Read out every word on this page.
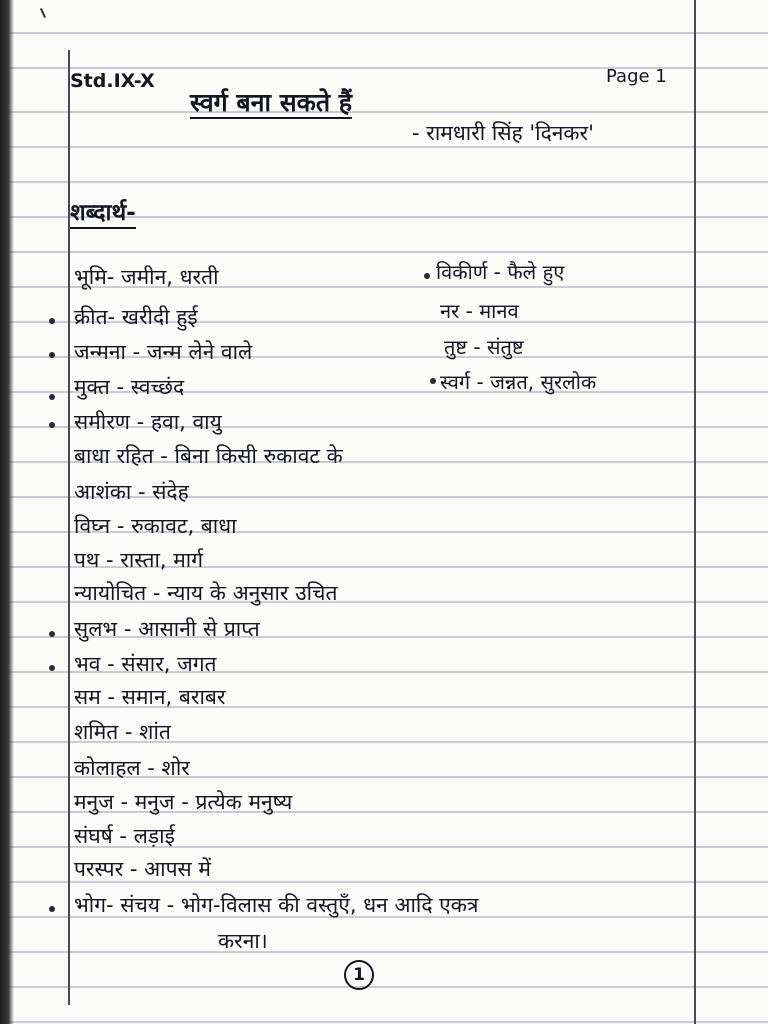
Std.IX-X	Page 1
स्वर्ग बना सकते हैं
- रामधारी सिंह 'दिनकर'
शब्दार्थ-
भूमि- जमीन, धरती
क्रीत- खरीदी हुई
जन्मना - जन्म लेने वाले
मुक्त - स्वच्छंद
समीरण - हवा, वायु
बाधा रहित - बिना किसी रुकावट के
आशंका - संदेह
विघ्न - रुकावट, बाधा
पथ - रास्ता, मार्ग
न्यायोचित - न्याय के अनुसार उचित
सुलभ - आसानी से प्राप्त
भव - संसार, जगत
सम - समान, बराबर
शमित - शांत
कोलाहल - शोर
मनुज - मनुज - प्रत्येक मनुष्य
संघर्ष - लड़ाई
परस्पर - आपस में
भोग- संचय - भोग-विलास की वस्तुएँ, धन आदि एकत्र
करना।
विकीर्ण - फैले हुए
नर - मानव
तुष्ट - संतुष्ट
स्वर्ग - जन्नत, सुरलोक
1
